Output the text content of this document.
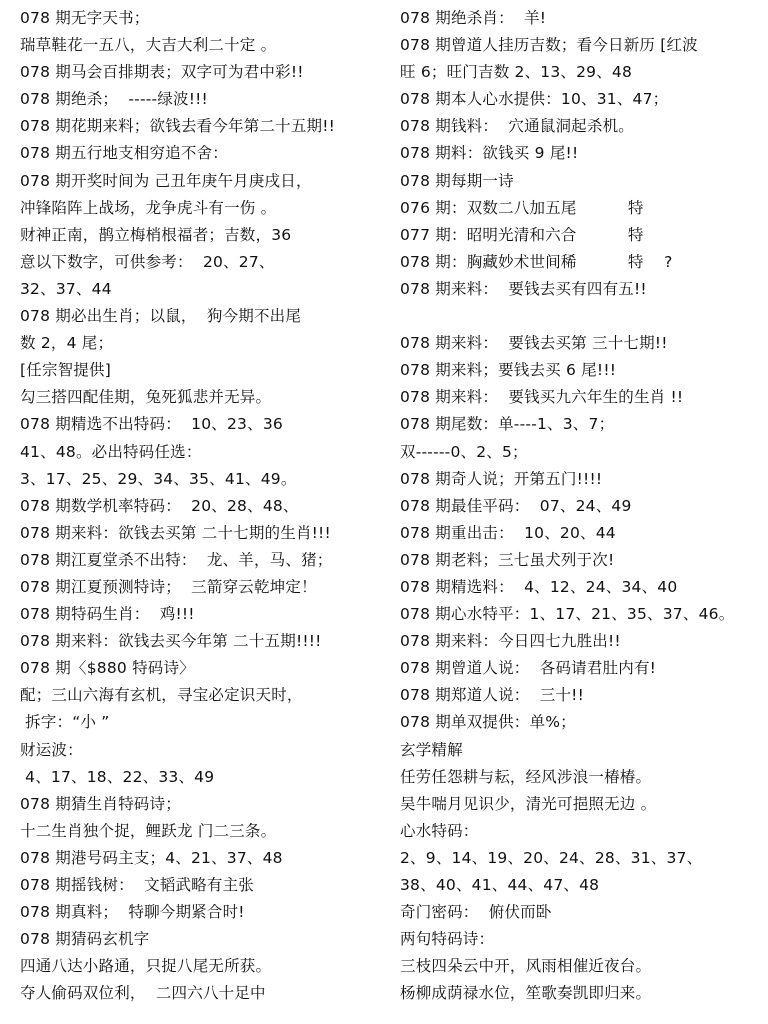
078 期无字天书；
瑞草鞋花一五八，大吉大利二十定 。
078 期马会百排期表；双字可为君中彩!!
078 期绝杀；  -----绿波!!!
078 期花期来料；欲钱去看今年第二十五期!!
078 期五行地支相穷追不舍：
078 期开奖时间为 己丑年庚午月庚戌日，
冲锋陷阵上战场，龙争虎斗有一伤 。
财神正南，鹊立梅梢根福者；吉数，36
意以下数字，可供参考：  20、27、
32、37、44
078 期必出生肖；以鼠，  狗今期不出尾
数 2，4 尾；
[任宗智提供]
勾三搭四配佳期，兔死狐悲并无异。
078 期精选不出特码：  10、23、36
41、48。必出特码任选：
3、17、25、29、34、35、41、49。
078 期数学机率特码：  20、28、48、
078 期来料：欲钱去买第 二十七期的生肖!!!
078 期江夏堂杀不出特：  龙、羊，马、猪；
078 期江夏预测特诗；  三箭穿云乾坤定！
078 期特码生肖：  鸡!!!
078 期来料：欲钱去买今年第 二十五期!!!!
078 期〈$880 特码诗〉
配；三山六海有玄机，寻宝必定识天时，
拆字：“小 ”
财运波：
4、17、18、22、33、49
078 期猜生肖特码诗；
十二生肖独个捉，鲤跃龙 门二三条。
078 期港号码主支；4、21、37、48
078 期摇钱树：  文韬武略有主张
078 期真料；  特聊今期紧合时!
078 期猜码玄机字
四通八达小路通，只捉八尾无所获。
夺人偷码双位利，  二四六八十足中
078 期绝杀肖：  羊!
078 期曾道人挂历吉数；看今日新历 [红波
旺 6；旺门吉数 2、13、29、48
078 期本人心水提供：10、31、47；
078 期钱料：  穴通鼠洞起杀机。
078 期料：欲钱买 9 尾!!
078 期每期一诗
076 期：双数二八加五尾          特
077 期：昭明光清和六合          特
078 期：胸藏妙术世间稀          特    ?
078 期来料：  要钱去买有四有五!!
078 期来料：  要钱去买第 三十七期!!
078 期来料；要钱去买 6 尾!!!
078 期来料：  要钱买九六年生的生肖 !!
078 期尾数：单----1、3、7；
双------0、2、5；
078 期奇人说；开第五门!!!!
078 期最佳平码：  07、24、49
078 期重出击：  10、20、44
078 期老料；三七虽犬列于次!
078 期精选料：  4、12、24、34、40
078 期心水特平：1、17、21、35、37、46。
078 期来料：今日四七九胜出!!
078 期曾道人说：  各码请君肚内有!
078 期郑道人说：  三十!!
078 期单双提供：单%；
玄学精解
任劳任怨耕与耘，经风涉浪一椿椿。
吴牛喘月见识少，清光可挹照无边 。
心水特码：
2、9、14、19、20、24、28、31、37、
38、40、41、44、47、48
奇门密码：  俯伏而卧
两句特码诗：
三枝四朵云中开，风雨相催近夜台。
杨柳成荫禄水位，笙歌奏凯即归来。
